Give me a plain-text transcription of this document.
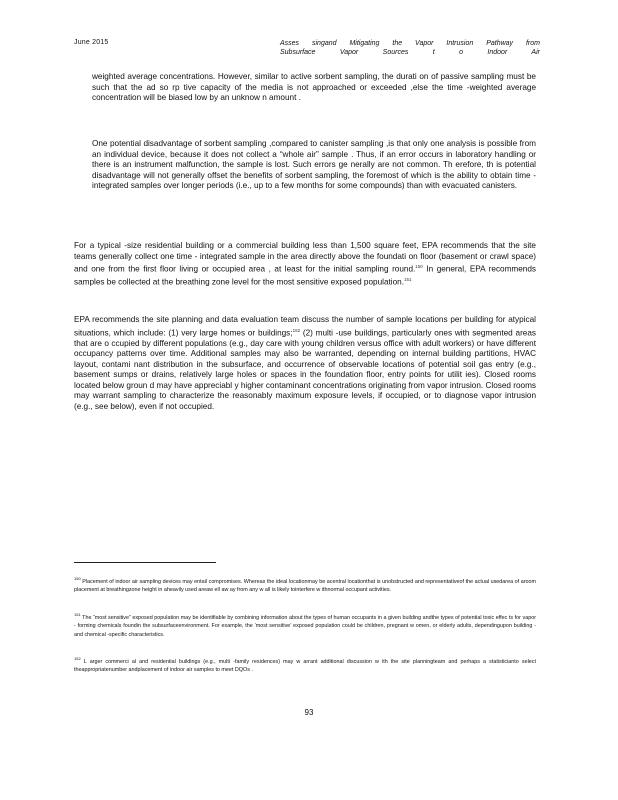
June 2015	Asses singand Mitigating the Vapor Intrusion Pathway from
Subsurface Vapor Sources t o Indoor Air

weighted average concentrations. However, similar to active sorbent sampling, the durati on of passive sampling must be such that the ad so rp tive capacity of the media is not approached or exceeded ,else the time -weighted average concentration will be biased low by an unknow n amount .

One potential disadvantage of sorbent sampling ,compared to canister sampling ,is that only one analysis is possible from an individual device, because it does not collect a “whole air” sample . Thus, if an error occurs in laboratory handling or there is an instrument malfunction, the sample is lost. Such errors ge nerally are not common. Th erefore, th is potential disadvantage will not generally offset the benefits of sorbent sampling, the foremost of which is the ability to obtain time -integrated samples over longer periods (i.e., up to a few months for some compounds) than with evacuated canisters.

For a typical -size residential building or a commercial building less than 1,500 square feet, EPA recommends that the site teams generally collect one time - integrated sample in the area directly above the foundati on floor (basement or crawl space) and one from the first floor living or occupied area , at least for the initial sampling round.$^{150}$ In general, EPA recommends samples be collected at the breathing zone level for the most sensitive exposed population.$^{151}$

EPA recommends the site planning and data evaluation team discuss the number of sample locations per building for atypical situations, which include: (1) very large homes or buildings;$^{152}$ (2) multi -use buildings, particularly ones with segmented areas that are o ccupied by different populations (e.g., day care with young children versus office with adult workers) or have different occupancy patterns over time. Additional samples may also be warranted, depending on internal building partitions, HVAC layout, contami nant distribution in the subsurface, and occurrence of observable locations of potential soil gas entry (e.g., basement sumps or drains, relatively large holes or spaces in the foundation floor, entry points for utilit ies). Closed rooms located below groun d may have appreciabl y higher contaminant concentrations originating from vapor intrusion. Closed rooms may warrant sampling to characterize the reasonably maximum exposure levels, if occupied, or to diagnose vapor intrusion (e.g., see below), even if not occupied.

$^{150}$ Placement of indoor air sampling devices may entail compromises. Whereas the ideal locationmay be acentral locationthat is unobstructed and representativeof the actual usedarea of aroom placement at breathingzone height in aheavily used areaw ell aw ay from any w all is likely tointerfere w ithnormal occupant activities.
$^{151}$ The “most sensitive” exposed population may be identifiable by combining information about the types of human occupants in a given building andthe types of potential toxic effec ts for vapor - forming chemicals foundin the subsurfaceenvironment. For example, the ‘most sensitive’ exposed population could be children, pregnant w omen, or elderly adults, dependingupon building - and chemical -specific characteristics.
$^{152}$ L arger commerci al and residential buildings (e.g., multi -family residences) may w arrant additional discussion w ith the site planningteam and perhaps a statisticianto select theappropriatenumber andplacement of indoor air samples to meet DQOs .
93
